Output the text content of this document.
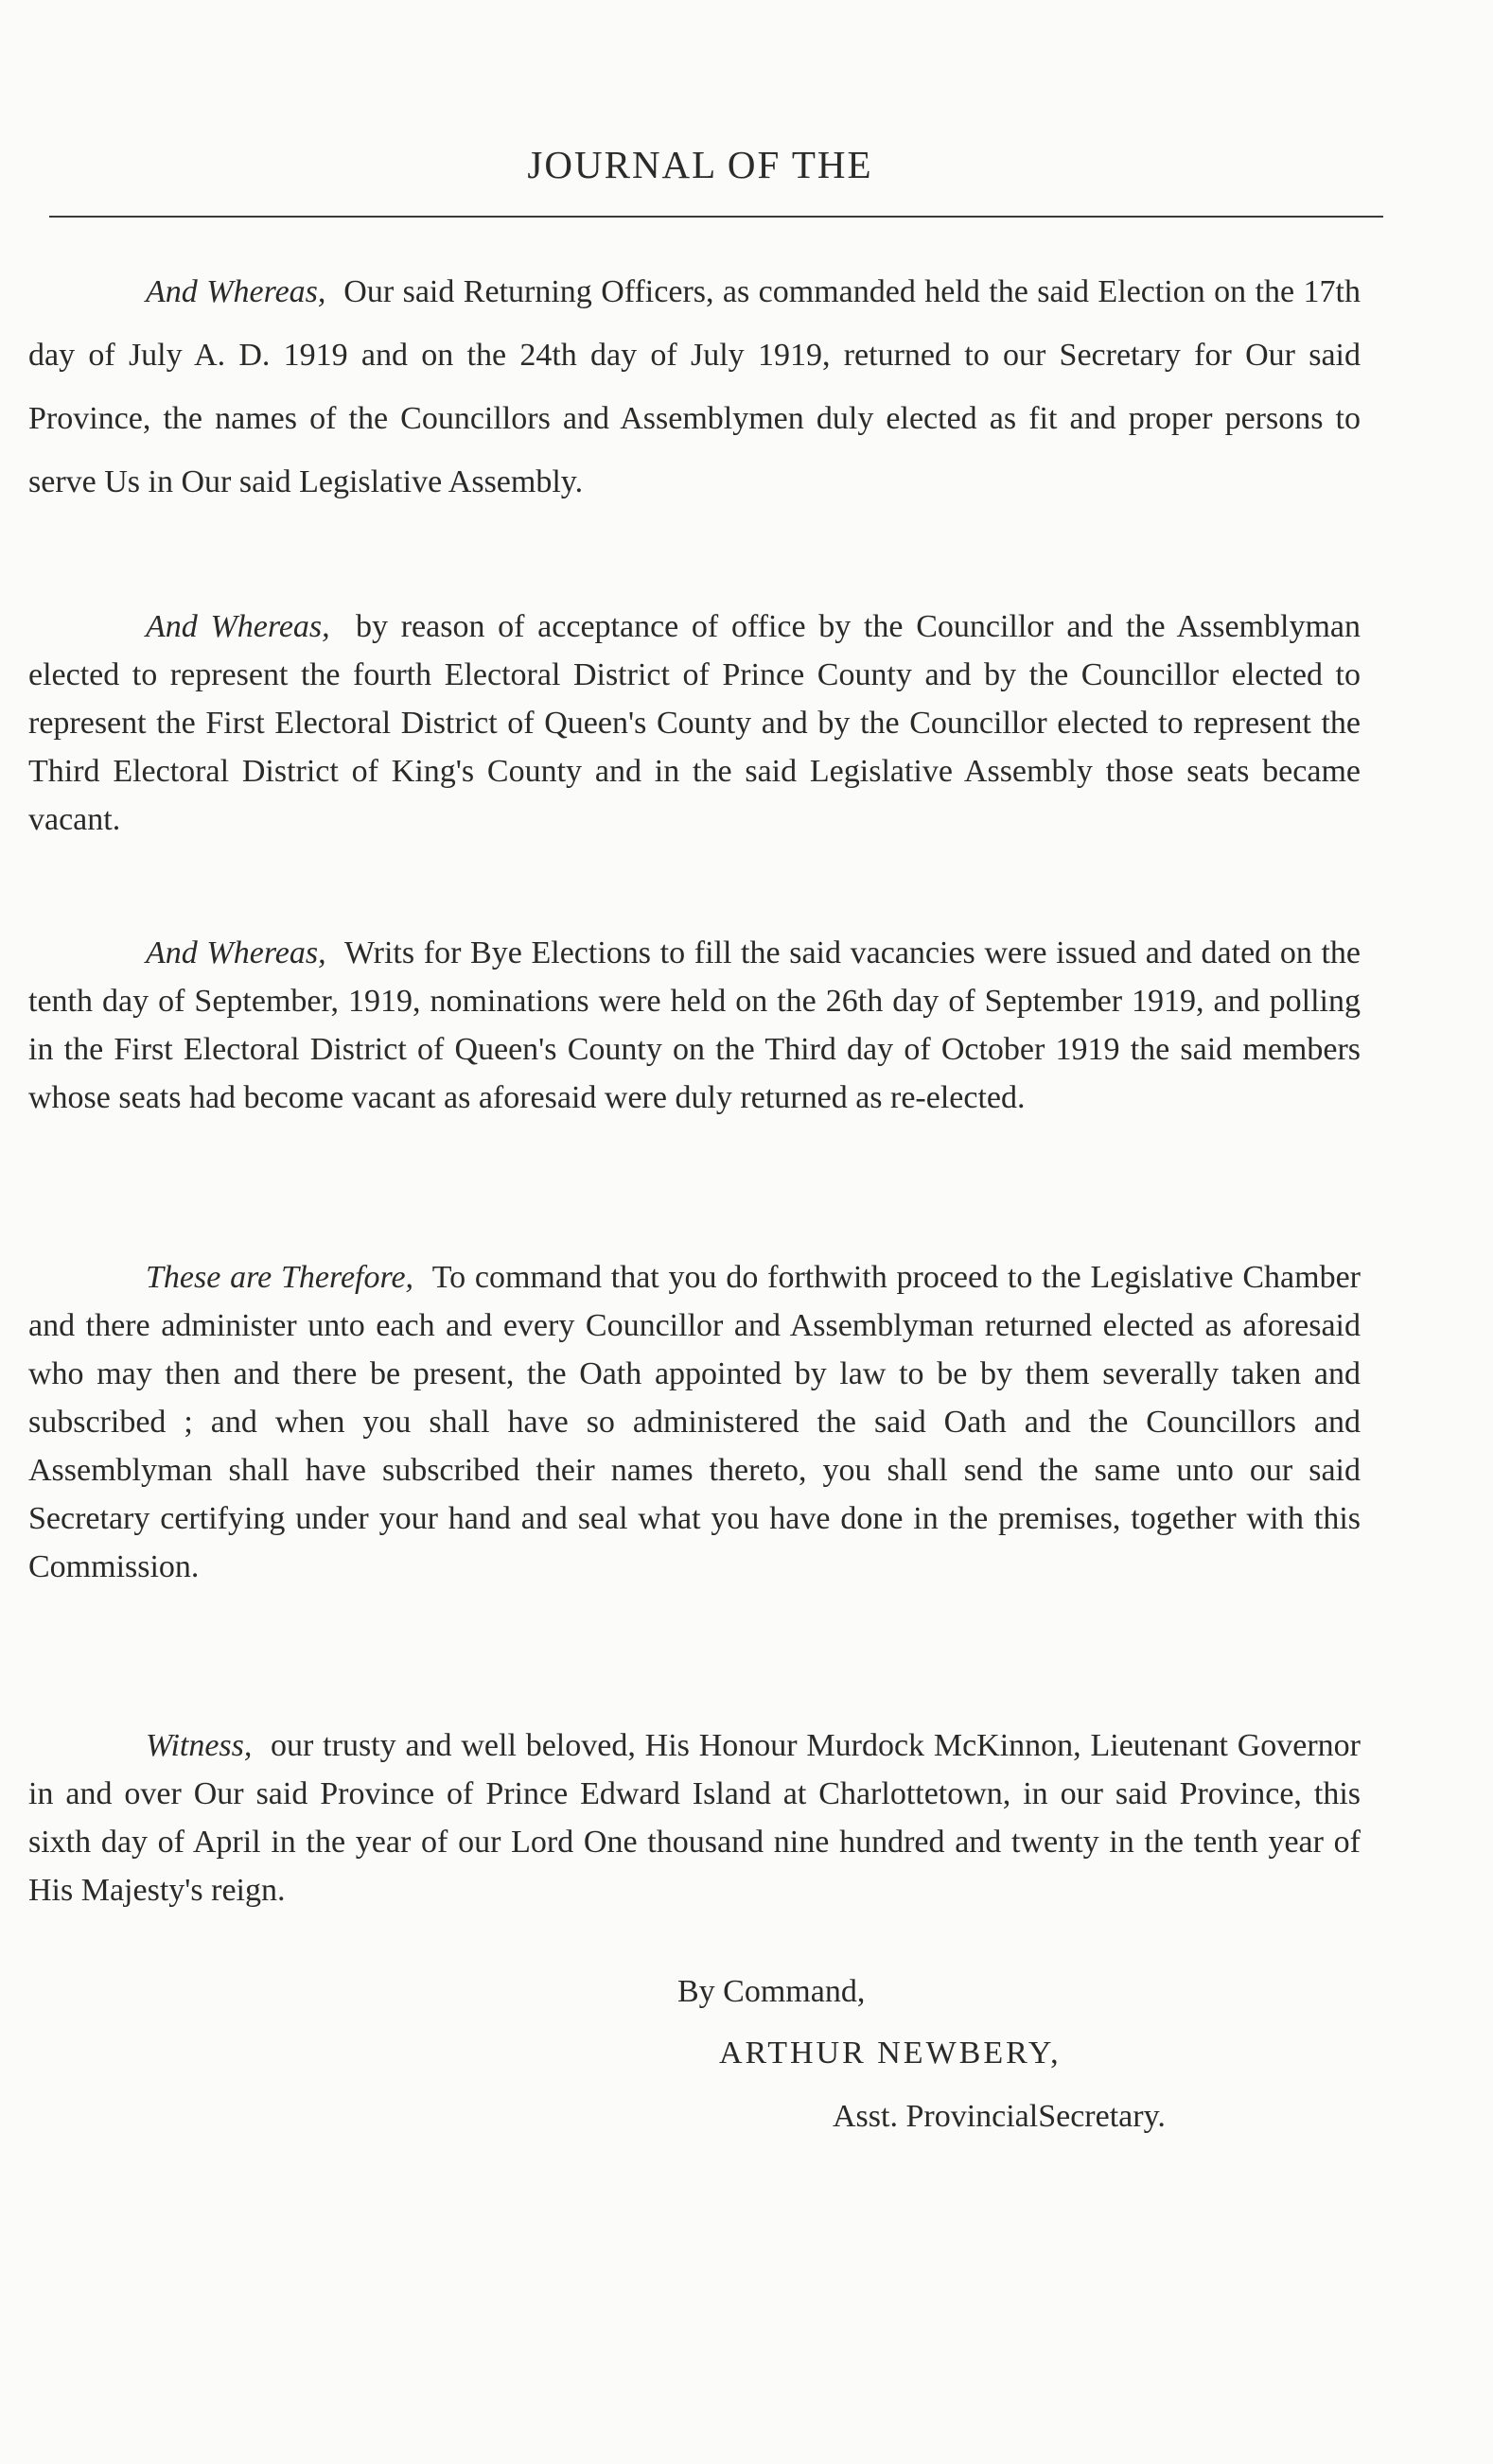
JOURNAL OF THE

And Whereas, Our said Returning Officers, as commanded held the said Election on the 17th day of July A. D. 1919 and on the 24th day of July 1919, returned to our Secretary for Our said Province, the names of the Councillors and Assemblymen duly elected as fit and proper persons to serve Us in Our said Legislative Assembly.

And Whereas, by reason of acceptance of office by the Councillor and the Assemblyman elected to represent the fourth Electoral District of Prince County and by the Councillor elected to represent the First Electoral District of Queen's County and by the Councillor elected to represent the Third Electoral District of King's County and in the said Legislative Assembly those seats became vacant.

And Whereas, Writs for Bye Elections to fill the said vacancies were issued and dated on the tenth day of September, 1919, nominations were held on the 26th day of September 1919, and polling in the First Electoral District of Queen's County on the Third day of October 1919 the said members whose seats had become vacant as aforesaid were duly returned as re-elected.

These are Therefore, To command that you do forthwith proceed to the Legislative Chamber and there administer unto each and every Councillor and Assemblyman returned elected as aforesaid who may then and there be present, the Oath appointed by law to be by them severally taken and subscribed ; and when you shall have so administered the said Oath and the Councillors and Assemblyman shall have subscribed their names thereto, you shall send the same unto our said Secretary certifying under your hand and seal what you have done in the premises, together with this Commission.

Witness, our trusty and well beloved, His Honour Murdock McKinnon, Lieutenant Governor in and over Our said Province of Prince Edward Island at Charlottetown, in our said Province, this sixth day of April in the year of our Lord One thousand nine hundred and twenty in the tenth year of His Majesty's reign.

By Command,
ARTHUR NEWBERY,
Asst. ProvincialSecretary.
